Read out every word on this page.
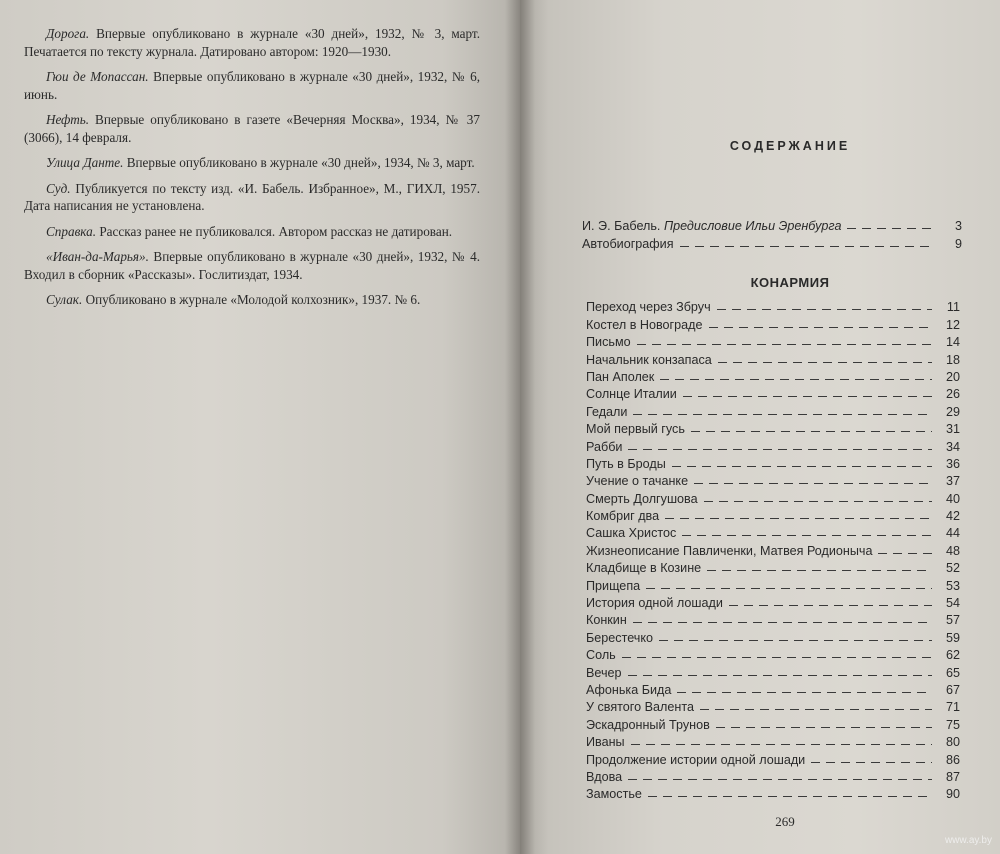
Дорога. Впервые опубликовано в журнале «30 дней», 1932, № 3, март. Печатается по тексту журнала. Датировано автором: 1920—1930.

Гюи де Мопассан. Впервые опубликовано в журнале «30 дней», 1932, № 6, июнь.

Нефть. Впервые опубликовано в газете «Вечерняя Москва», 1934, № 37 (3066), 14 февраля.

Улица Данте. Впервые опубликовано в журнале «30 дней», 1934, № 3, март.

Суд. Публикуется по тексту изд. «И. Бабель. Избранное», М., ГИХЛ, 1957. Дата написания не установлена.

Справка. Рассказ ранее не публиковался. Автором рассказ не датирован.

«Иван-да-Марья». Впервые опубликовано в журнале «30 дней», 1932, № 4. Входил в сборник «Рассказы». Гослитиздат, 1934.

Сулак. Опубликовано в журнале «Молодой колхозник», 1937. № 6.

СОДЕРЖАНИЕ
И. Э. Бабель. Предисловие Ильи Эренбурга	3
Автобиография	9
КОНАРМИЯ
Переход через Збруч	11
Костел в Новограде	12
Письмо	14
Начальник конзапаса	18
Пан Аполек	20
Солнце Италии	26
Гедали	29
Мой первый гусь	31
Рабби	34
Путь в Броды	36
Учение о тачанке	37
Смерть Долгушова	40
Комбриг два	42
Сашка Христос	44
Жизнеописание Павличенки, Матвея Родионыча	48
Кладбище в Козине	52
Прищепа	53
История одной лошади	54
Конкин	57
Берестечко	59
Соль	62
Вечер	65
Афонька Бида	67
У святого Валента	71
Эскадронный Трунов	75
Иваны	80
Продолжение истории одной лошади	86
Вдова	87
Замостье	90
269
www.ay.by
